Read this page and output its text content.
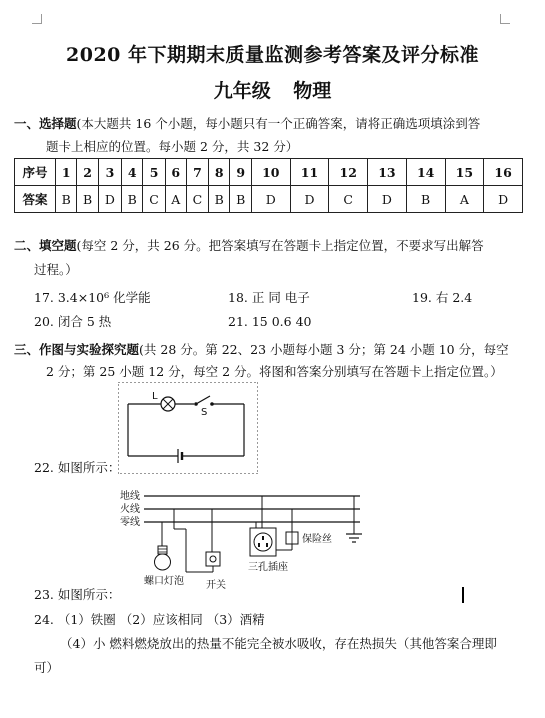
2020 年下期期末质量监测参考答案及评分标准
九年级 物理
一、选择题(本大题共 16 个小题，每小题只有一个正确答案，请将正确选项填涂到答
题卡上相应的位置。每小题 2 分，共 32 分）
序号	1	2	3	4	5	6	7	8	9	10	11	12	13	14	15	16
答案	B	B	D	B	C	A	C	B	B	D	D	C	D	B	A	D
二、填空题(每空 2 分，共 26 分。把答案填写在答题卡上指定位置，不要求写出解答
过程。）
17. 3.4×10⁶ 化学能	18. 正 同 电子	19. 右 2.4
20. 闭合 5 热	21. 15 0.6 40
三、作图与实验探究题(共 28 分。第 22、23 小题每小题 3 分；第 24 小题 10 分，每空
2 分；第 25 小题 12 分，每空 2 分。将图和答案分别填写在答题卡上指定位置。）
L
S
22. 如图所示：
地线
火线
零线
螺口灯泡 开关
保险丝
三孔插座
23. 如图所示：
24. （1）铁圈 （2）应该相同 （3）酒精
（4）小 燃料燃烧放出的热量不能完全被水吸收，存在热损失（其他答案合理即
可）
